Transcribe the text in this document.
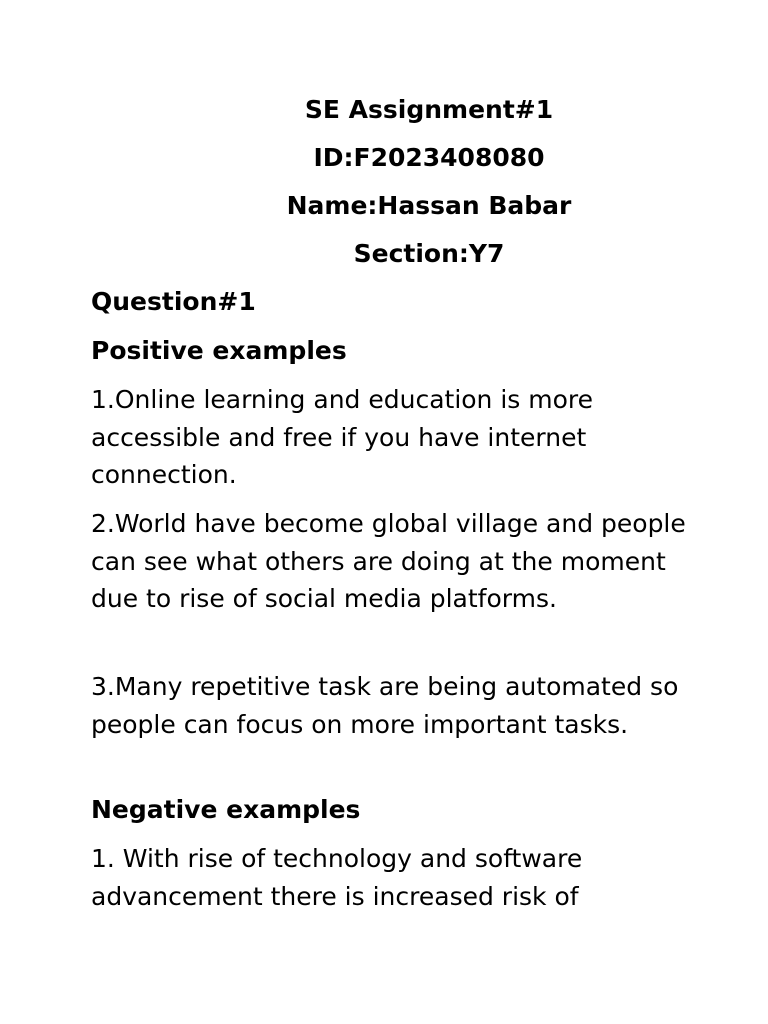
SE Assignment#1
ID:F2023408080
Name:Hassan Babar
Section:Y7
Question#1
Positive examples

1.Online learning and education is more accessible and free if you have internet connection.

2.World have become global village and people can see what others are doing at the moment due to rise of social media platforms.

3.Many repetitive task are being automated so people can focus on more important tasks.

Negative examples

1. With rise of technology and software advancement there is increased risk of
